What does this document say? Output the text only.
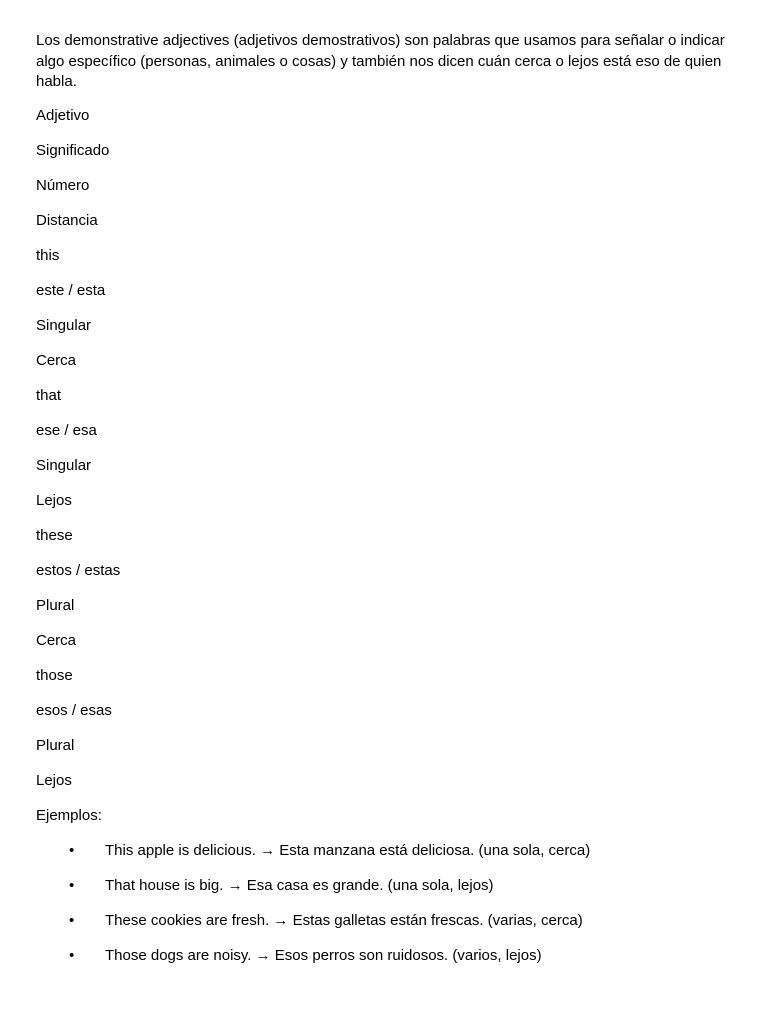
Los demonstrative adjectives (adjetivos demostrativos) son palabras que usamos para señalar o indicar algo específico (personas, animales o cosas) y también nos dicen cuán cerca o lejos está eso de quien habla.

Adjetivo
Significado
Número
Distancia
this
este / esta
Singular
Cerca
that
ese / esa
Singular
Lejos
these
estos / estas
Plural
Cerca
those
esos / esas
Plural
Lejos
Ejemplos:
• This apple is delicious. → Esta manzana está deliciosa. (una sola, cerca)
• That house is big. → Esa casa es grande. (una sola, lejos)
• These cookies are fresh. → Estas galletas están frescas. (varias, cerca)
• Those dogs are noisy. → Esos perros son ruidosos. (varios, lejos)
